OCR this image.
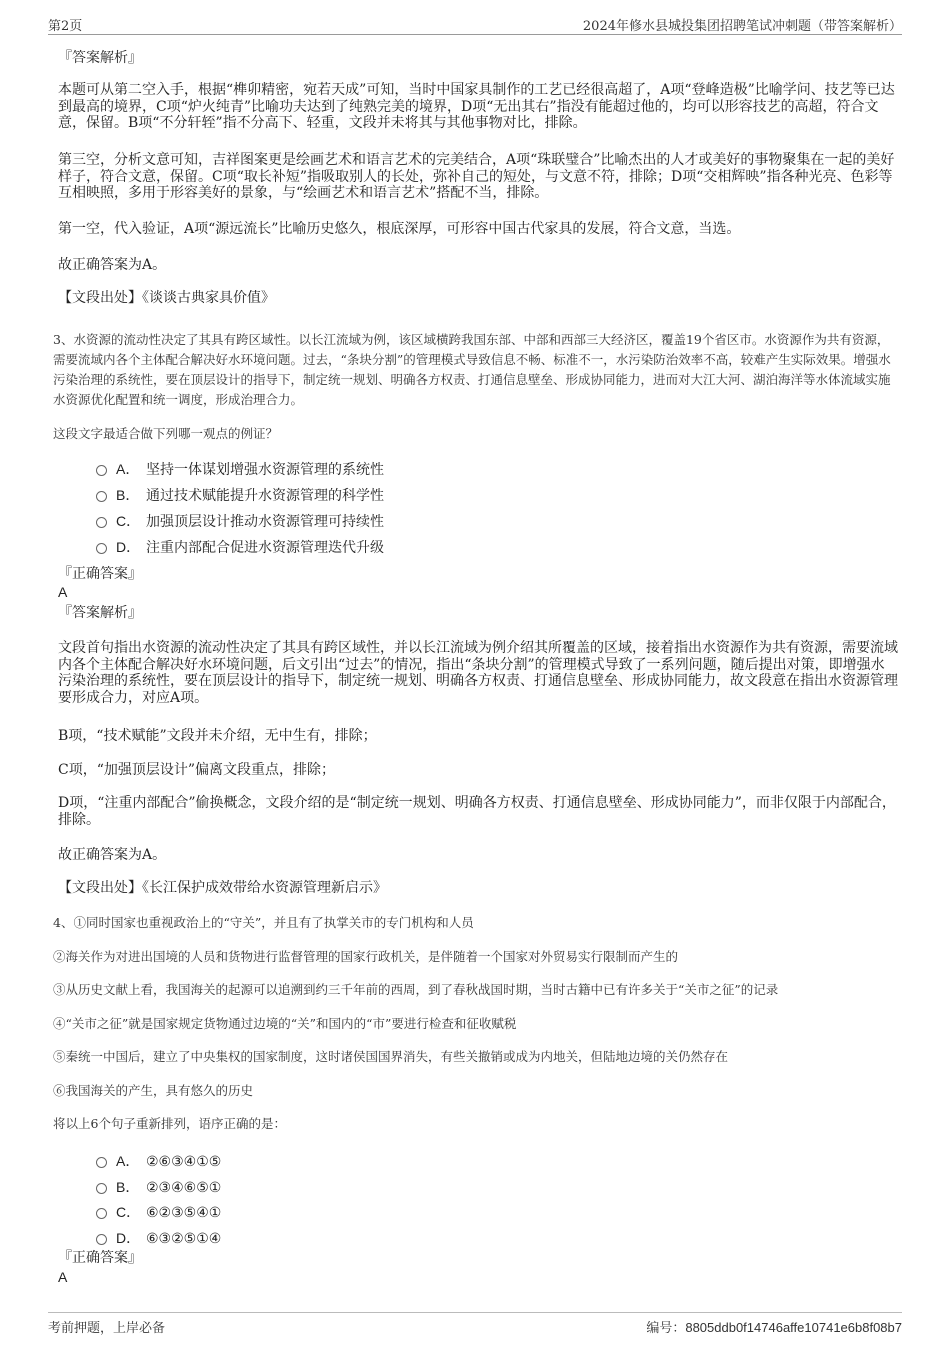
第2页	2024年修水县城投集团招聘笔试冲刺题（带答案解析）
『答案解析』
本题可从第二空入手，根据“榫卯精密，宛若天成”可知，当时中国家具制作的工艺已经很高超了，A项“登峰造极”比喻学问、技艺等已达到最高的境界，C项“炉火纯青”比喻功夫达到了纯熟完美的境界，D项“无出其右”指没有能超过他的，均可以形容技艺的高超，符合文意，保留。B项“不分轩轾”指不分高下、轻重，文段并未将其与其他事物对比，排除。
第三空，分析文意可知，吉祥图案更是绘画艺术和语言艺术的完美结合，A项“珠联璧合”比喻杰出的人才或美好的事物聚集在一起的美好样子，符合文意，保留。C项“取长补短”指吸取别人的长处，弥补自己的短处，与文意不符，排除；D项“交相辉映”指各种光亮、色彩等互相映照，多用于形容美好的景象，与“绘画艺术和语言艺术”搭配不当，排除。
第一空，代入验证，A项“源远流长”比喻历史悠久，根底深厚，可形容中国古代家具的发展，符合文意，当选。
故正确答案为A。
【文段出处】《谈谈古典家具价值》
3、水资源的流动性决定了其具有跨区域性。以长江流域为例，该区域横跨我国东部、中部和西部三大经济区，覆盖19个省区市。水资源作为共有资源，需要流域内各个主体配合解决好水环境问题。过去，“条块分割”的管理模式导致信息不畅、标准不一，水污染防治效率不高，较难产生实际效果。增强水污染治理的系统性，要在顶层设计的指导下，制定统一规划、明确各方权责、打通信息壁垒、形成协同能力，进而对大江大河、湖泊海洋等水体流域实施水资源优化配置和统一调度，形成治理合力。
这段文字最适合做下列哪一观点的例证？
A． 坚持一体谋划增强水资源管理的系统性
B． 通过技术赋能提升水资源管理的科学性
C． 加强顶层设计推动水资源管理可持续性
D． 注重内部配合促进水资源管理迭代升级
『正确答案』
A
『答案解析』
文段首句指出水资源的流动性决定了其具有跨区域性，并以长江流域为例介绍其所覆盖的区域，接着指出水资源作为共有资源，需要流域内各个主体配合解决好水环境问题，后文引出“过去”的情况，指出“条块分割”的管理模式导致了一系列问题，随后提出对策，即增强水污染治理的系统性，要在顶层设计的指导下，制定统一规划、明确各方权责、打通信息壁垒、形成协同能力，故文段意在指出水资源管理要形成合力，对应A项。
B项，“技术赋能”文段并未介绍，无中生有，排除；
C项，“加强顶层设计”偏离文段重点，排除；
D项，“注重内部配合”偷换概念，文段介绍的是“制定统一规划、明确各方权责、打通信息壁垒、形成协同能力”，而非仅限于内部配合，排除。
故正确答案为A。
【文段出处】《长江保护成效带给水资源管理新启示》
4、①同时国家也重视政治上的“守关”，并且有了执掌关市的专门机构和人员
②海关作为对进出国境的人员和货物进行监督管理的国家行政机关，是伴随着一个国家对外贸易实行限制而产生的
③从历史文献上看，我国海关的起源可以追溯到约三千年前的西周，到了春秋战国时期，当时古籍中已有许多关于“关市之征”的记录
④“关市之征”就是国家规定货物通过边境的“关”和国内的“市”要进行检查和征收赋税
⑤秦统一中国后，建立了中央集权的国家制度，这时诸侯国国界消失，有些关撤销或成为内地关，但陆地边境的关仍然存在
⑥我国海关的产生，具有悠久的历史
将以上6个句子重新排列，语序正确的是：
A． ②⑥③④①⑤
B． ②③④⑥⑤①
C． ⑥②③⑤④①
D． ⑥③②⑤①④
『正确答案』
A
考前押题，上岸必备	编号：8805ddb0f14746affe10741e6b8f08b7
